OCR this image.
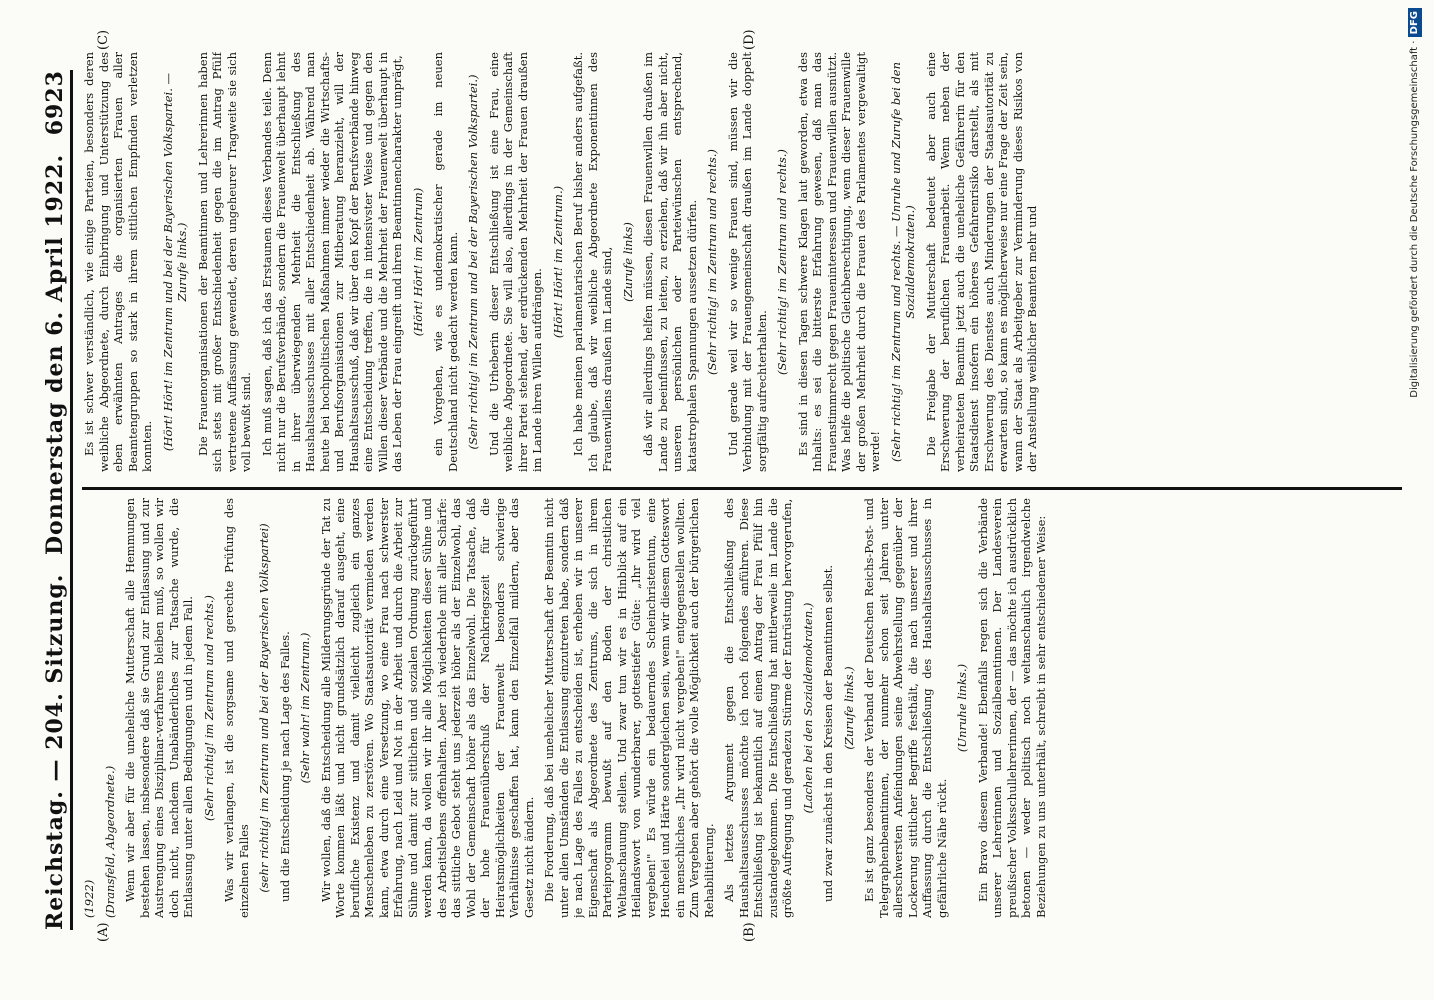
Reichstag. — 204. Sitzung.
Donnerstag den 6. April 1922.
6923
(A)	(B)
(C)	(D)

(1922) (Dransfeld, Abgeordnete.) Wenn wir aber für die uneheliche Mutterschaft alle Hemmungen bestehen lassen, insbesondere daß sie Grund zur Entlassung und zur Austrengung eines Disziplinar-verfahrens bleiben muß, so wollen wir doch nicht, nachdem Unabänderliches zur Tatsache wurde, die Entlassung unter allen Bedingungen und in jedem Fall. (Sehr richtig! im Zentrum und rechts.) Was wir verlangen, ist die sorgsame und gerechte Prüfung des einzelnen Falles (sehr richtig! im Zentrum und bei der Bayerischen Volkspartei) und die Entscheidung je nach Lage des Falles. (Sehr wahr! im Zentrum.) Wir wollen, daß die Entscheidung alle Milderungsgründe der Tat zu Worte kommen läßt und nicht grundsätzlich darauf ausgeht, eine berufliche Existenz und damit vielleicht zugleich ein ganzes Menschenleben zu zerstören. Wo Staatsautorität vermieden werden kann, etwa durch eine Versetzung, wo eine Frau nach schwerster Erfahrung, nach Leid und Not in der Arbeit und durch die Arbeit zur Sühne und damit zur sittlichen und sozialen Ordnung zurückgeführt werden kann, da wollen wir ihr alle Möglichkeiten dieser Sühne und des Arbeitslebens offenhalten. Aber ich wiederhole mit aller Schärfe: das sittliche Gebot steht uns jederzeit höher als der Einzelwohl, das Wohl der Gemeinschaft höher als das Einzelwohl. Die Tatsache, daß der hohe Frauenüberschuß der Nachkriegszeit für die Heiratsmöglichkeiten der Frauenwelt besonders schwierige Verhältnisse geschaffen hat, kann den Einzelfall mildern, aber das Gesetz nicht ändern. Die Forderung, daß bei unehelicher Mutterschaft der Beamtin nicht unter allen Umständen die Entlassung einzutreten habe, sondern daß je nach Lage des Falles zu entscheiden ist, erheben wir in unserer Eigenschaft als Abgeordnete des Zentrums, die sich in ihrem Parteiprogramm bewußt auf den Boden der christlichen Weltanschauung stellen. Und zwar tun wir es in Hinblick auf ein Heilandswort von wunderbarer, gottestiefer Güte: „Ihr wird viel vergeben!" Es würde ein bedauerndes Scheinchristentum, eine Heuchelei und Härte sondergleichen sein, wenn wir diesem Gotteswort ein menschliches „Ihr wird nicht vergeben!" entgegenstellen wollten. Zum Vergeben aber gehört die volle Möglichkeit auch der bürgerlichen Rehabilitierung. Als letztes Argument gegen die Entschließung des Haushaltsausschusses möchte ich noch folgendes anführen. Diese Entschließung ist bekanntlich auf einen Antrag der Frau Pfülf hin zustandegekommen. Die Entschließung hat mittlerweile im Lande die größte Aufregung und geradezu Stürme der Entrüstung hervorgerufen, (Lachen bei den Sozialdemokraten.) und zwar zunächst in den Kreisen der Beamtinnen selbst. (Zurufe links.) Es ist ganz besonders der Verband der Deutschen Reichs-Post- und Telegraphenbeamtinnen, der nunmehr schon seit Jahren unter allerschwersten Anfeindungen seine Abwehrstellung gegenüber der Lockerung sittlicher Begriffe festhält, die nach unserer und ihrer Auffassung durch die Entschließung des Haushaltsausschusses in gefährliche Nähe rückt.

(Unruhe links.) Ein Bravo diesem Verbande! Ebenfalls regen sich die Verbände unserer Lehrerinnen und Sozialbeamtinnen. Der Landesverein preußischer Volksschullehrerinnen, der — das möchte ich ausdrücklich betonen — weder politisch noch weltanschaulich irgendwelche Beziehungen zu uns unterhält, schreibt in sehr entschiedener Weise:

Es ist schwer verständlich, wie einige Parteien, besonders deren weibliche Abgeordnete, durch Einbringung und Unterstützung des eben erwähnten Antrages die organisierten Frauen aller Beamtengruppen so stark in ihrem sittlichen Empfinden verletzen konnten. (Hört! Hört! im Zentrum und bei der Bayerischen Volkspartei. — Zurufe links.) Die Frauenorganisationen der Beamtinnen und Lehrerinnen haben sich stets mit großer Entschiedenheit gegen die im Antrag Pfülf vertretene Auffassung gewendet, deren ungeheurer Tragweite sie sich voll bewußt sind. Ich muß sagen, daß ich das Erstaunen dieses Verbandes teile. Denn nicht nur die Berufsverbände, sondern die Frauenwelt überhaupt lehnt in ihrer überwiegenden Mehrheit die Entschließung des Haushaltsausschusses mit aller Entschiedenheit ab. Während man heute bei hochpolitischen Maßnahmen immer wieder die Wirtschafts- und Berufsorganisationen zur Mitberatung heranzieht, will der Haushaltsausschuß, daß wir über den Kopf der Berufsverbände hinweg eine Entscheidung treffen, die in intensivster Weise und gegen den Willen dieser Verbände und die Mehrheit der Frauenwelt überhaupt in das Leben der Frau eingreift und ihren Beamtinnencharakter umprägt, (Hört! Hört! im Zentrum) ein Vorgehen, wie es undemokratischer gerade im neuen Deutschland nicht gedacht werden kann. (Sehr richtig! im Zentrum und bei der Bayerischen Volkspartei.) Und die Urheberin dieser Entschließung ist eine Frau, eine weibliche Abgeordnete. Sie will also, allerdings in der Gemeinschaft ihrer Partei stehend, der erdrückenden Mehrheit der Frauen draußen im Lande ihren Willen aufdrängen.

(Hört! Hört! im Zentrum.) Ich habe meinen parlamentarischen Beruf bisher anders aufgefaßt. Ich glaube, daß wir weibliche Abgeordnete Exponentinnen des Frauenwillens draußen im Lande sind, (Zurufe links) daß wir allerdings helfen müssen, diesen Frauenwillen draußen im Lande zu beeinflussen, zu leiten, zu erziehen, daß wir ihn aber nicht, unseren persönlichen oder Parteiwünschen entsprechend, katastrophalen Spannungen aussetzen dürfen. (Sehr richtig! im Zentrum und rechts.) Und gerade weil wir so wenige Frauen sind, müssen wir die Verbindung mit der Frauengemeinschaft draußen im Lande doppelt sorgfältig aufrechterhalten.

(Sehr richtig! im Zentrum und rechts.) Es sind in diesen Tagen schwere Klagen laut geworden, etwa des Inhalts: es sei die bitterste Erfahrung gewesen, daß man das Frauenstimmrecht gegen Fraueninteressen und Frauenwillen ausnützt. Was helfe die politische Gleichberechtigung, wenn dieser Frauenwille der großen Mehrheit durch die Frauen des Parlamentes vergewaltigt werde! (Sehr richtig! im Zentrum und rechts. — Unruhe und Zurufe bei den Sozialdemokraten.) Die Freigabe der Mutterschaft bedeutet aber auch eine Erschwerung der beruflichen Frauenarbeit. Wenn neben der verheirateten Beamtin jetzt auch die uneheliche Gefährerin für den Staatsdienst insofern ein höheres Gefahrenrisiko darstellt, als mit Erschwerung des Dienstes auch Minderungen der Staatsautorität zu erwarten sind, so kann es möglicherweise nur eine Frage der Zeit sein, wann der Staat als Arbeitgeber zur Verminderung dieses Risikos von der Anstellung weiblicher Beamten mehr und	Digitalisierung gefördert durch die Deutsche Forschungsgemeinschaft · DFG
